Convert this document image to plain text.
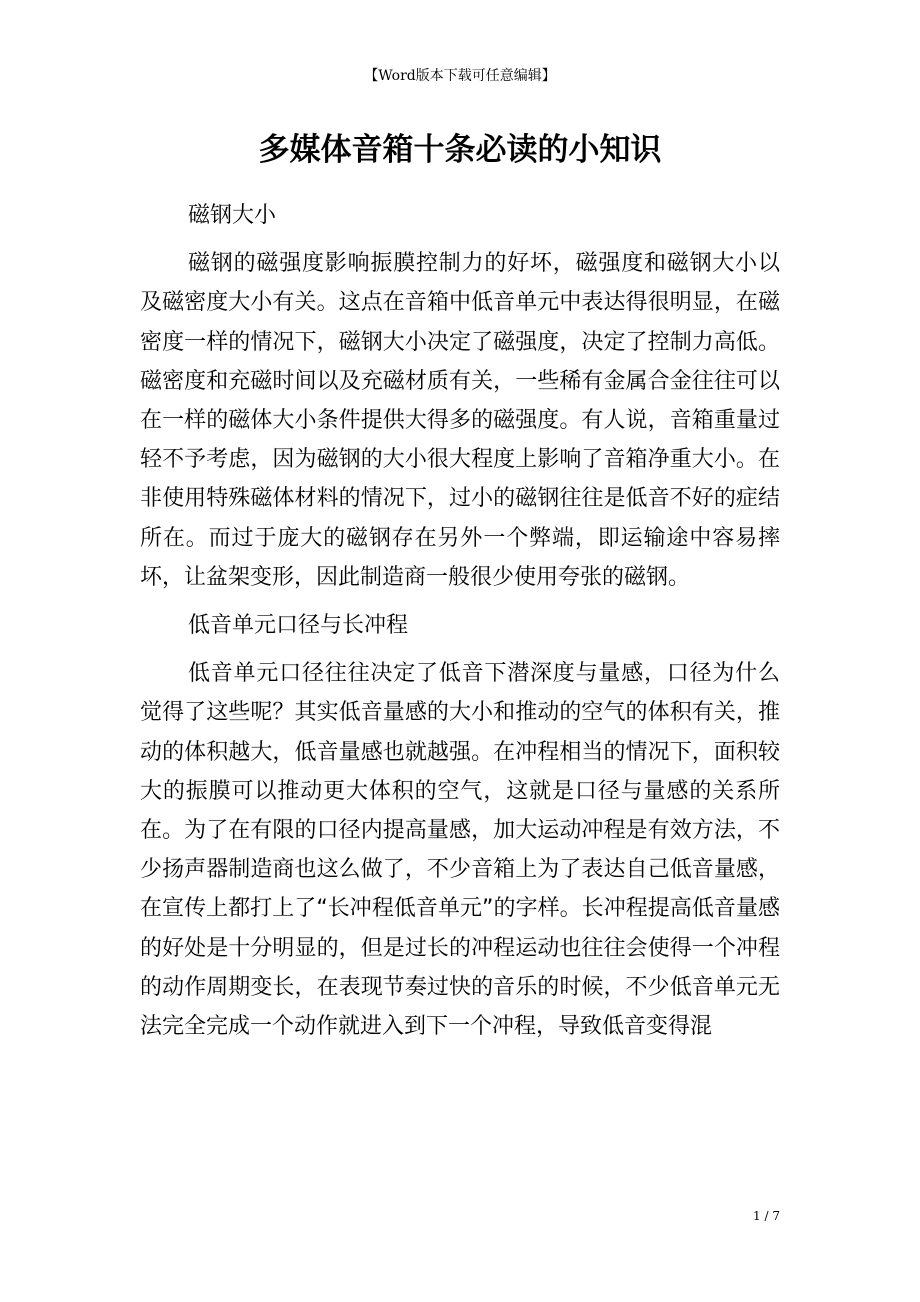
【Word版本下载可任意编辑】
多媒体音箱十条必读的小知识

磁钢大小

磁钢的磁强度影响振膜控制力的好坏，磁强度和磁钢大小以及磁密度大小有关。这点在音箱中低音单元中表达得很明显，在磁密度一样的情况下，磁钢大小决定了磁强度，决定了控制力高低。磁密度和充磁时间以及充磁材质有关，一些稀有金属合金往往可以在一样的磁体大小条件提供大得多的磁强度。有人说，音箱重量过轻不予考虑，因为磁钢的大小很大程度上影响了音箱净重大小。在非使用特殊磁体材料的情况下，过小的磁钢往往是低音不好的症结所在。而过于庞大的磁钢存在另外一个弊端，即运输途中容易摔坏，让盆架变形，因此制造商一般很少使用夸张的磁钢。

低音单元口径与长冲程

低音单元口径往往决定了低音下潜深度与量感，口径为什么觉得了这些呢？其实低音量感的大小和推动的空气的体积有关，推动的体积越大，低音量感也就越强。在冲程相当的情况下，面积较大的振膜可以推动更大体积的空气，这就是口径与量感的关系所在。为了在有限的口径内提高量感，加大运动冲程是有效方法，不少扬声器制造商也这么做了，不少音箱上为了表达自己低音量感，在宣传上都打上了“长冲程低音单元”的字样。长冲程提高低音量感的好处是十分明显的，但是过长的冲程运动也往往会使得一个冲程的动作周期变长，在表现节奏过快的音乐的时候，不少低音单元无法完全完成一个动作就进入到下一个冲程，导致低音变得混

1 / 7
